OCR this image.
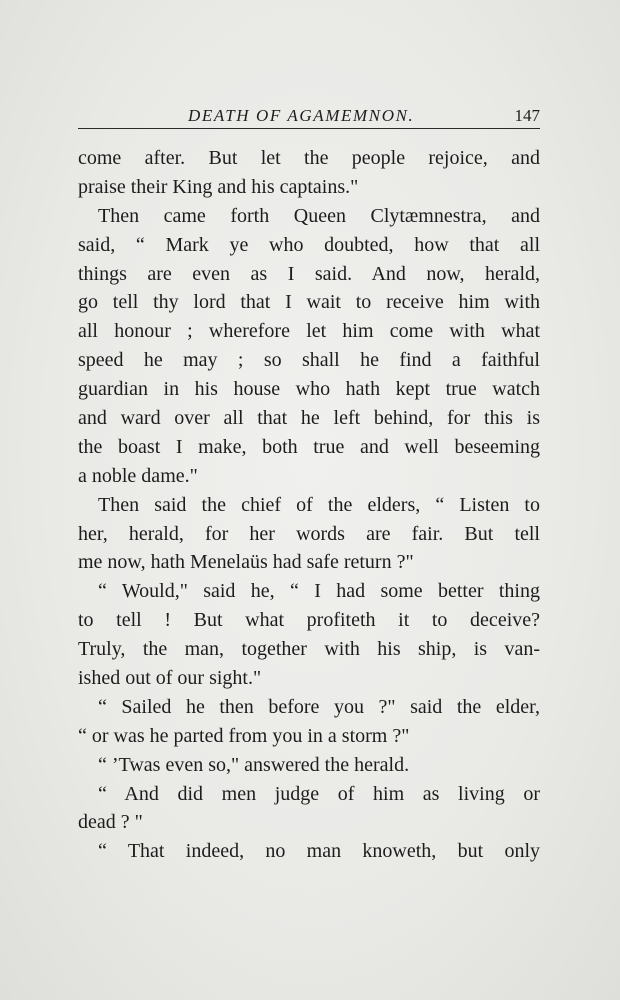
DEATH OF AGAMEMNON.	147
come after. But let the people rejoice, and
praise their King and his captains."
Then came forth Queen Clytæmnestra, and
said, “ Mark ye who doubted, how that all
things are even as I said. And now, herald,
go tell thy lord that I wait to receive him with
all honour ; wherefore let him come with what
speed he may ; so shall he find a faithful
guardian in his house who hath kept true watch
and ward over all that he left behind, for this is
the boast I make, both true and well beseeming
a noble dame."
Then said the chief of the elders, “ Listen to
her, herald, for her words are fair. But tell
me now, hath Menelaüs had safe return ?"
“ Would," said he, “ I had some better thing
to tell ! But what profiteth it to deceive?
Truly, the man, together with his ship, is van-
ished out of our sight."
“ Sailed he then before you ?" said the elder,
“ or was he parted from you in a storm ?"
“ ’Twas even so," answered the herald.
“ And did men judge of him as living or
dead ? "
“ That indeed, no man knoweth, but only
